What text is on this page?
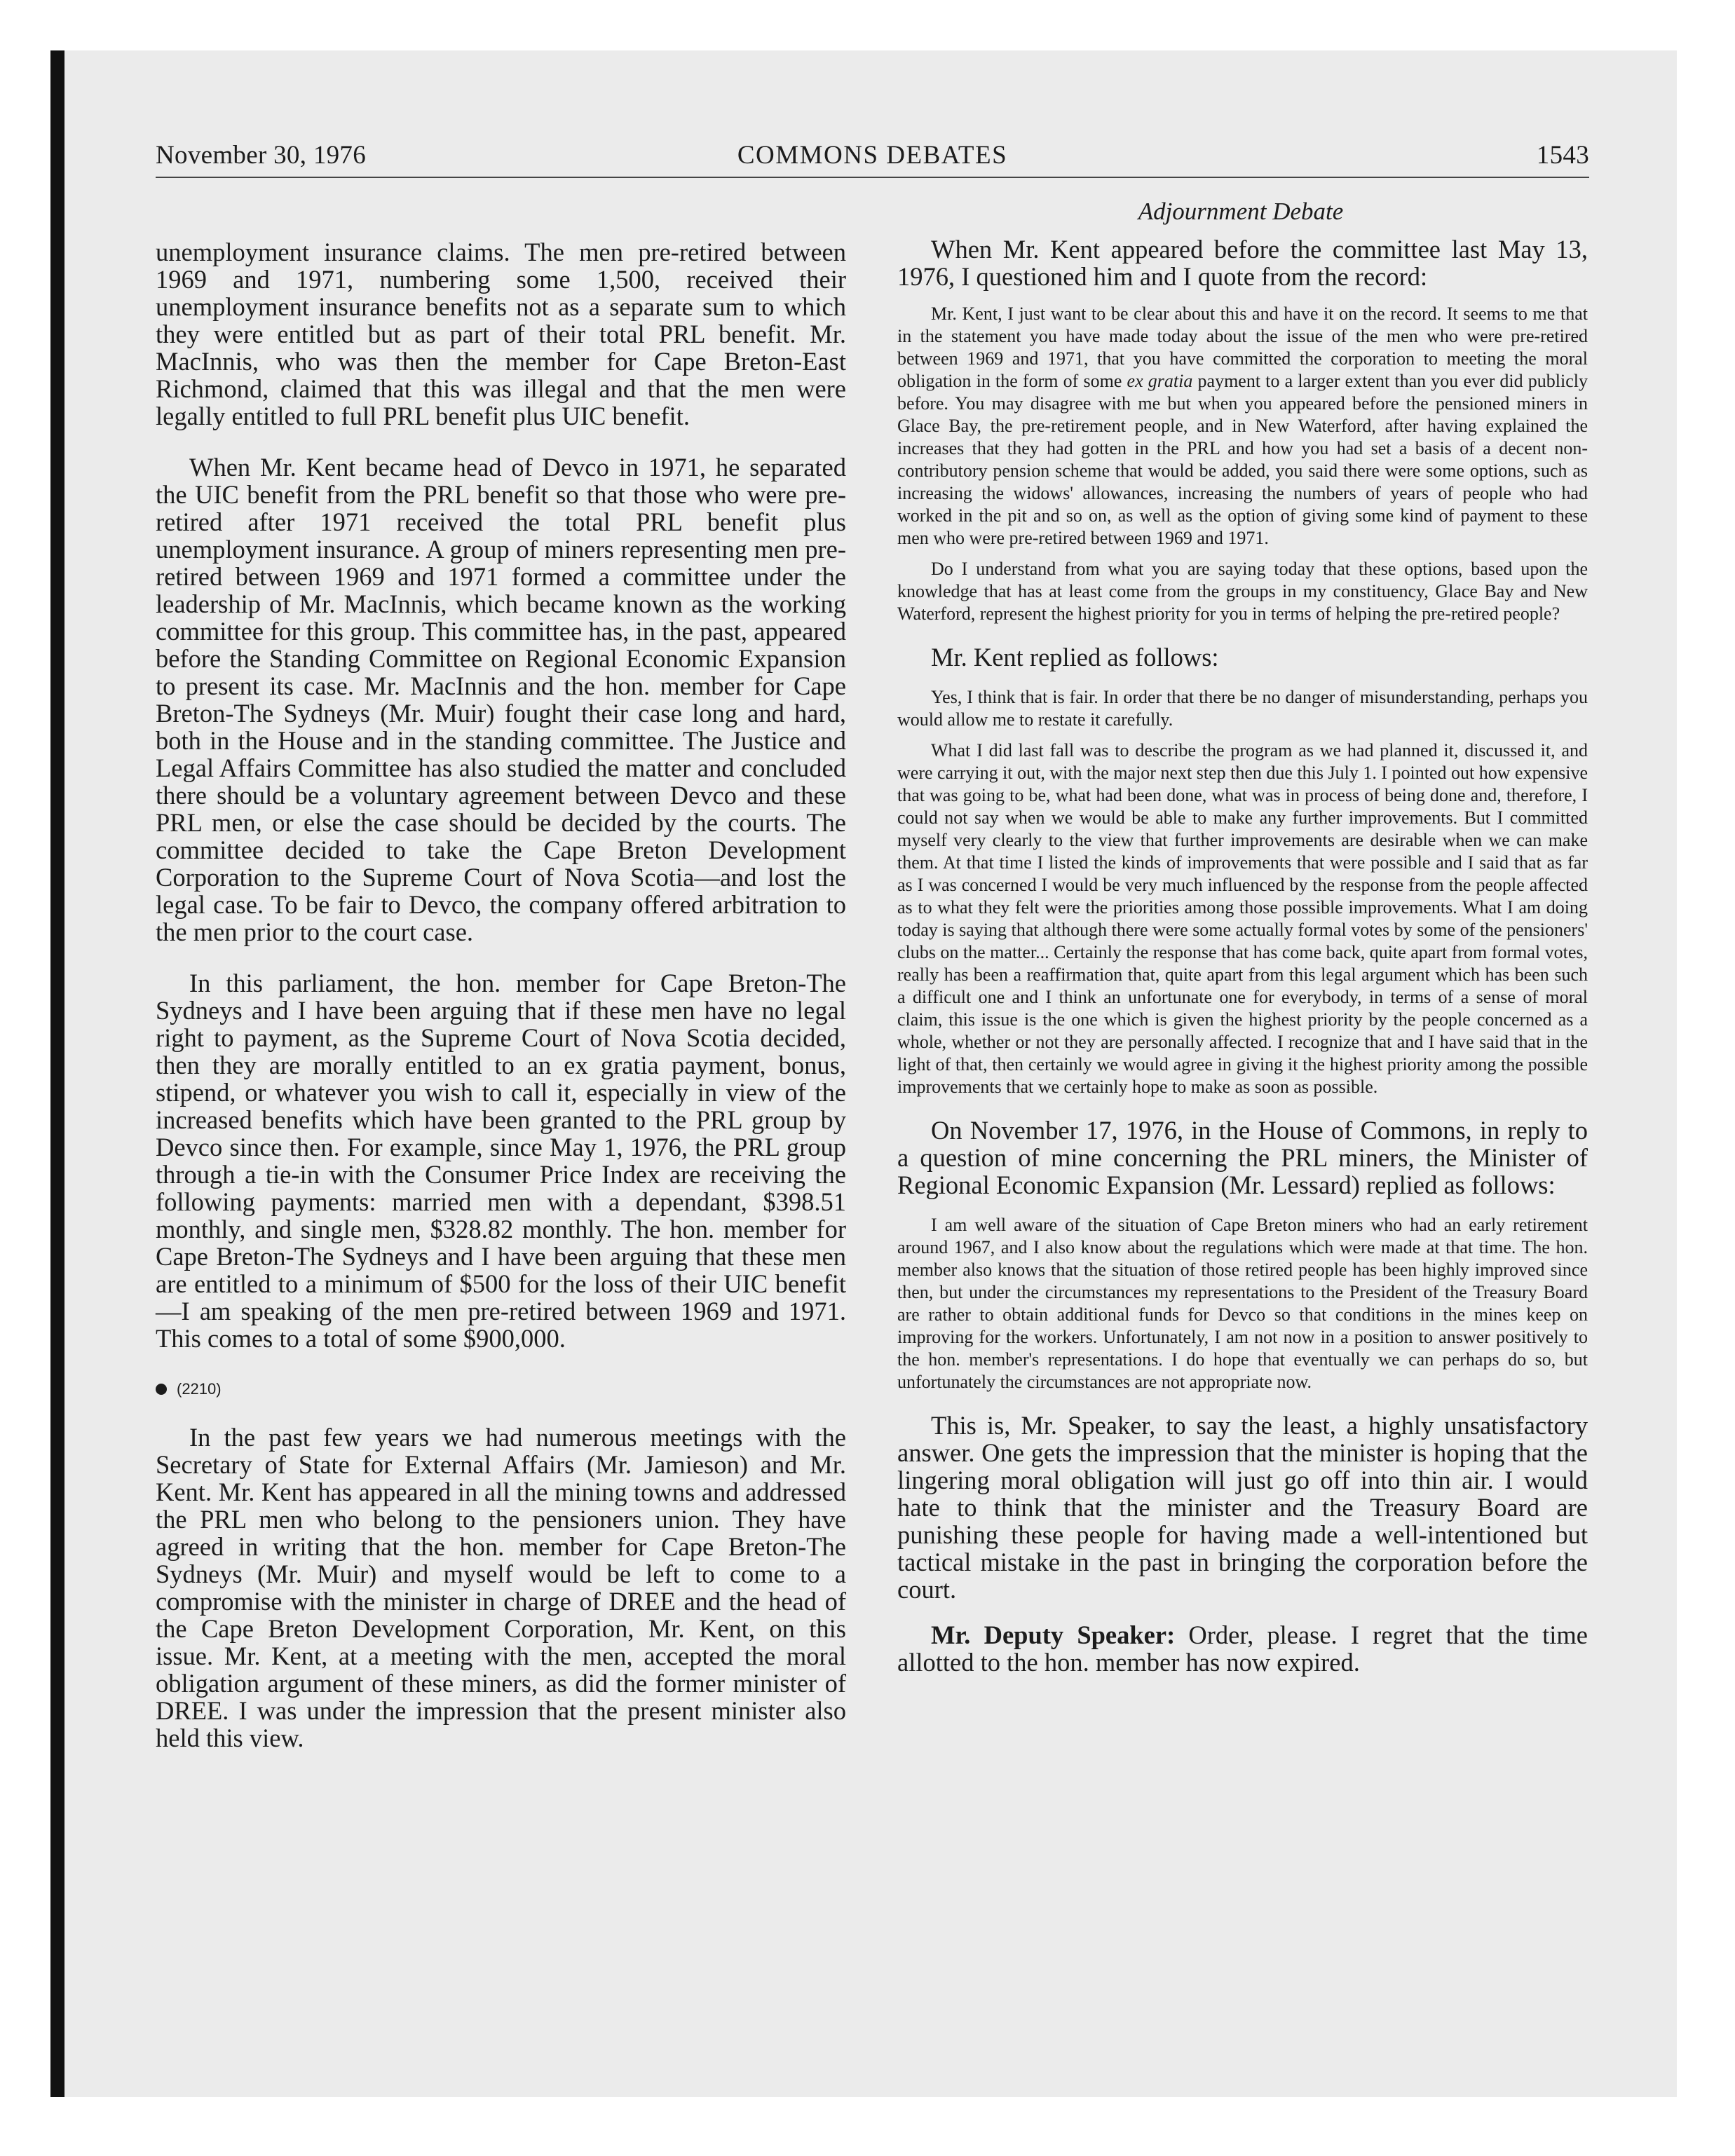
November 30, 1976	COMMONS DEBATES	1543
Adjournment Debate

unemployment insurance claims. The men pre-retired between 1969 and 1971, numbering some 1,500, received their unemployment insurance benefits not as a separate sum to which they were entitled but as part of their total PRL benefit. Mr. MacInnis, who was then the member for Cape Breton-East Richmond, claimed that this was illegal and that the men were legally entitled to full PRL benefit plus UIC benefit.

When Mr. Kent became head of Devco in 1971, he separated the UIC benefit from the PRL benefit so that those who were pre-retired after 1971 received the total PRL benefit plus unemployment insurance. A group of miners representing men pre-retired between 1969 and 1971 formed a committee under the leadership of Mr. MacInnis, which became known as the working committee for this group. This committee has, in the past, appeared before the Standing Committee on Regional Economic Expansion to present its case. Mr. MacInnis and the hon. member for Cape Breton-The Sydneys (Mr. Muir) fought their case long and hard, both in the House and in the standing committee. The Justice and Legal Affairs Committee has also studied the matter and concluded there should be a voluntary agreement between Devco and these PRL men, or else the case should be decided by the courts. The committee decided to take the Cape Breton Development Corporation to the Supreme Court of Nova Scotia—and lost the legal case. To be fair to Devco, the company offered arbitration to the men prior to the court case.

In this parliament, the hon. member for Cape Breton-The Sydneys and I have been arguing that if these men have no legal right to payment, as the Supreme Court of Nova Scotia decided, then they are morally entitled to an ex gratia payment, bonus, stipend, or whatever you wish to call it, especially in view of the increased benefits which have been granted to the PRL group by Devco since then. For example, since May 1, 1976, the PRL group through a tie-in with the Consumer Price Index are receiving the following payments: married men with a dependant, $398.51 monthly, and single men, $328.82 monthly. The hon. member for Cape Breton-The Sydneys and I have been arguing that these men are entitled to a minimum of $500 for the loss of their UIC benefit—I am speaking of the men pre-retired between 1969 and 1971. This comes to a total of some $900,000.

(2210)

In the past few years we had numerous meetings with the Secretary of State for External Affairs (Mr. Jamieson) and Mr. Kent. Mr. Kent has appeared in all the mining towns and addressed the PRL men who belong to the pensioners union. They have agreed in writing that the hon. member for Cape Breton-The Sydneys (Mr. Muir) and myself would be left to come to a compromise with the minister in charge of DREE and the head of the Cape Breton Development Corporation, Mr. Kent, on this issue. Mr. Kent, at a meeting with the men, accepted the moral obligation argument of these miners, as did the former minister of DREE. I was under the impression that the present minister also held this view.

When Mr. Kent appeared before the committee last May 13, 1976, I questioned him and I quote from the record:

Mr. Kent, I just want to be clear about this and have it on the record. It seems to me that in the statement you have made today about the issue of the men who were pre-retired between 1969 and 1971, that you have committed the corporation to meeting the moral obligation in the form of some ex gratia payment to a larger extent than you ever did publicly before. You may disagree with me but when you appeared before the pensioned miners in Glace Bay, the pre-retirement people, and in New Waterford, after having explained the increases that they had gotten in the PRL and how you had set a basis of a decent non-contributory pension scheme that would be added, you said there were some options, such as increasing the widows' allowances, increasing the numbers of years of people who had worked in the pit and so on, as well as the option of giving some kind of payment to these men who were pre-retired between 1969 and 1971.

Do I understand from what you are saying today that these options, based upon the knowledge that has at least come from the groups in my constituency, Glace Bay and New Waterford, represent the highest priority for you in terms of helping the pre-retired people?

Mr. Kent replied as follows:

Yes, I think that is fair. In order that there be no danger of misunderstanding, perhaps you would allow me to restate it carefully.

What I did last fall was to describe the program as we had planned it, discussed it, and were carrying it out, with the major next step then due this July 1. I pointed out how expensive that was going to be, what had been done, what was in process of being done and, therefore, I could not say when we would be able to make any further improvements. But I committed myself very clearly to the view that further improvements are desirable when we can make them. At that time I listed the kinds of improvements that were possible and I said that as far as I was concerned I would be very much influenced by the response from the people affected as to what they felt were the priorities among those possible improvements. What I am doing today is saying that although there were some actually formal votes by some of the pensioners' clubs on the matter... Certainly the response that has come back, quite apart from formal votes, really has been a reaffirmation that, quite apart from this legal argument which has been such a difficult one and I think an unfortunate one for everybody, in terms of a sense of moral claim, this issue is the one which is given the highest priority by the people concerned as a whole, whether or not they are personally affected. I recognize that and I have said that in the light of that, then certainly we would agree in giving it the highest priority among the possible improvements that we certainly hope to make as soon as possible.

On November 17, 1976, in the House of Commons, in reply to a question of mine concerning the PRL miners, the Minister of Regional Economic Expansion (Mr. Lessard) replied as follows:

I am well aware of the situation of Cape Breton miners who had an early retirement around 1967, and I also know about the regulations which were made at that time. The hon. member also knows that the situation of those retired people has been highly improved since then, but under the circumstances my representations to the President of the Treasury Board are rather to obtain additional funds for Devco so that conditions in the mines keep on improving for the workers. Unfortunately, I am not now in a position to answer positively to the hon. member's representations. I do hope that eventually we can perhaps do so, but unfortunately the circumstances are not appropriate now.

This is, Mr. Speaker, to say the least, a highly unsatisfactory answer. One gets the impression that the minister is hoping that the lingering moral obligation will just go off into thin air. I would hate to think that the minister and the Treasury Board are punishing these people for having made a well-intentioned but tactical mistake in the past in bringing the corporation before the court.

Mr. Deputy Speaker: Order, please. I regret that the time allotted to the hon. member has now expired.
